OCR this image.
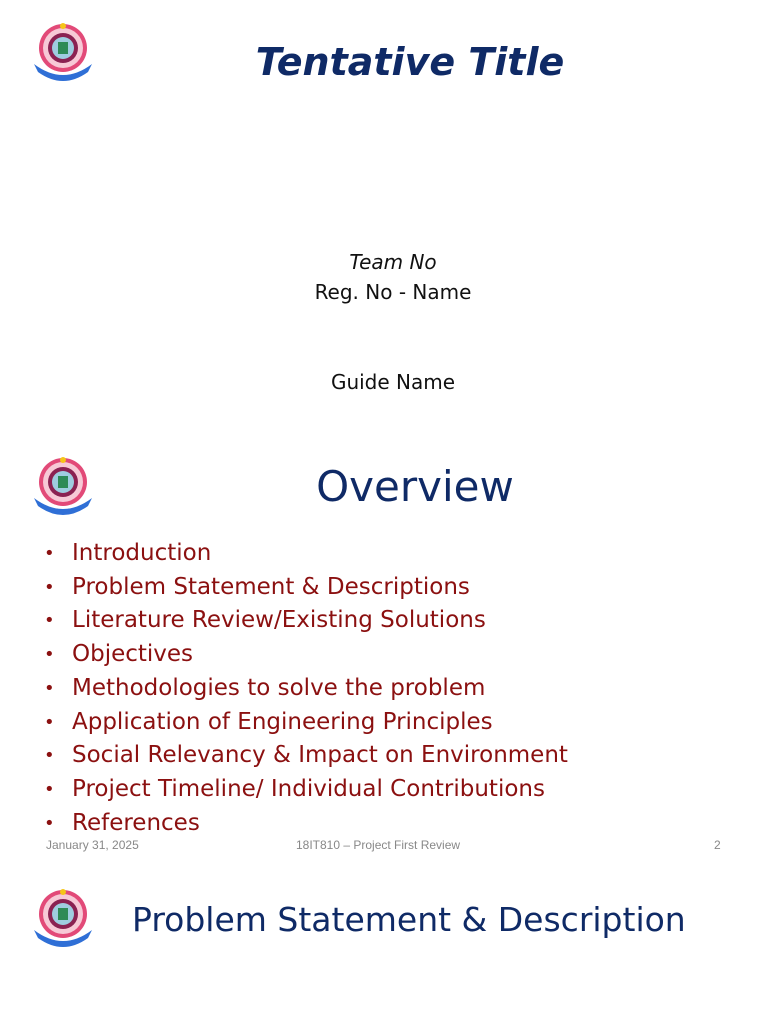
Tentative Title
Team No
Reg. No - Name
Guide Name
Overview
• Introduction
• Problem Statement & Descriptions
• Literature Review/Existing Solutions
• Objectives
• Methodologies to solve the problem
• Application of Engineering Principles
• Social Relevancy & Impact on Environment
• Project Timeline/ Individual Contributions
• References
January 31, 2025	18IT810 – Project First Review	2
Problem Statement & Description
